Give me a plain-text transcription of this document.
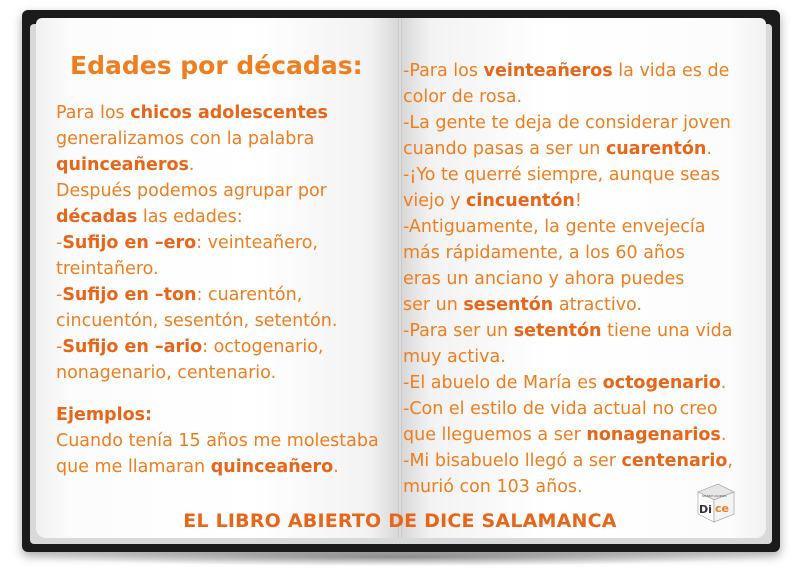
Edades por décadas:
Para los chicos adolescentes
generalizamos con la palabra
quinceañeros.
Después podemos agrupar por
décadas las edades:
-Sufijo en –ero: veinteañero,
treintañero.
-Sufijo en –ton: cuarentón,
cincuentón, sesentón, setentón.
-Sufijo en –ario: octogenario,
nonagenario, centenario.
Ejemplos:
Cuando tenía 15 años me molestaba
que me llamaran quinceañero.
-Para los veinteañeros la vida es de
color de rosa.
-La gente te deja de considerar joven
cuando pasas a ser un cuarentón.
-¡Yo te querré siempre, aunque seas
viejo y cincuentón!
-Antiguamente, la gente envejecía
más rápidamente, a los 60 años
eras un anciano y ahora puedes
ser un sesentón atractivo.
-Para ser un setentón tiene una vida
muy activa.
-El abuelo de María es octogenario.
-Con el estilo de vida actual no creo
que lleguemos a ser nonagenarios.
-Mi bisabuelo llegó a ser centenario,
murió con 103 años.
EL LIBRO ABIERTO DE DICE SALAMANCA
Di ce
SPANISH COURSES
